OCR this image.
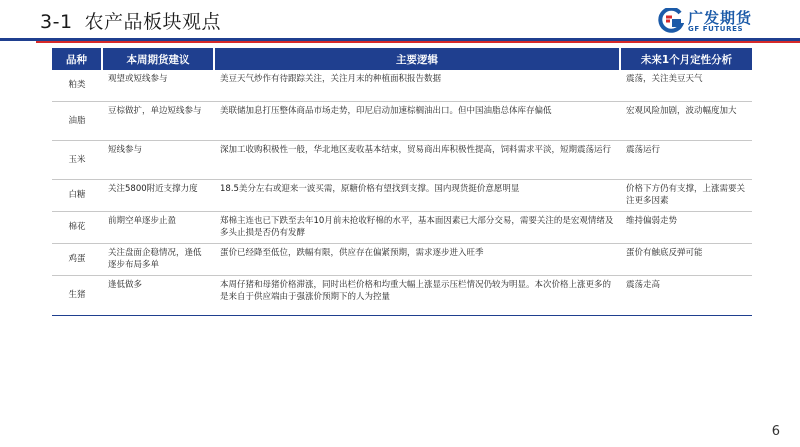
3-1 农产品板块观点	广发期货
GF FUTURES
品种	本周期货建议	主要逻辑	未来1个月定性分析
粕类	观望或短线参与	美豆天气炒作有待跟踪关注，关注月末的种植面积报告数据	震荡，关注美豆天气
油脂	豆棕做扩，单边短线参与	美联储加息打压整体商品市场走势，印尼启动加速棕榈油出口。但中国油脂总体库存偏低	宏观风险加剧，波动幅度加大
玉米	短线参与	深加工收购积极性一般，华北地区麦收基本结束，贸易商出库积极性提高，饲料需求平淡，短期震荡运行	震荡运行
白糖	关注5800附近支撑力度	18.5美分左右或迎来一波买需，原糖价格有望找到支撑。国内现货挺价意愿明显	价格下方仍有支撑，上涨需要关注更多因素
棉花	前期空单逐步止盈	郑棉主连也已下跌至去年10月前未抢收籽棉的水平，基本面因素已大部分交易，需要关注的是宏观情绪及多头止损是否仍有发酵	维持偏弱走势
鸡蛋	关注盘面企稳情况，逢低逐步布局多单	蛋价已经降至低位，跌幅有限，供应存在偏紧预期，需求逐步进入旺季	蛋价有触底反弹可能
生猪	逢低做多	本周仔猪和母猪价格滞涨，同时出栏价格和均重大幅上涨显示压栏情况仍较为明显。本次价格上涨更多的是来自于供应端由于强涨价预期下的人为控量	震荡走高
6
